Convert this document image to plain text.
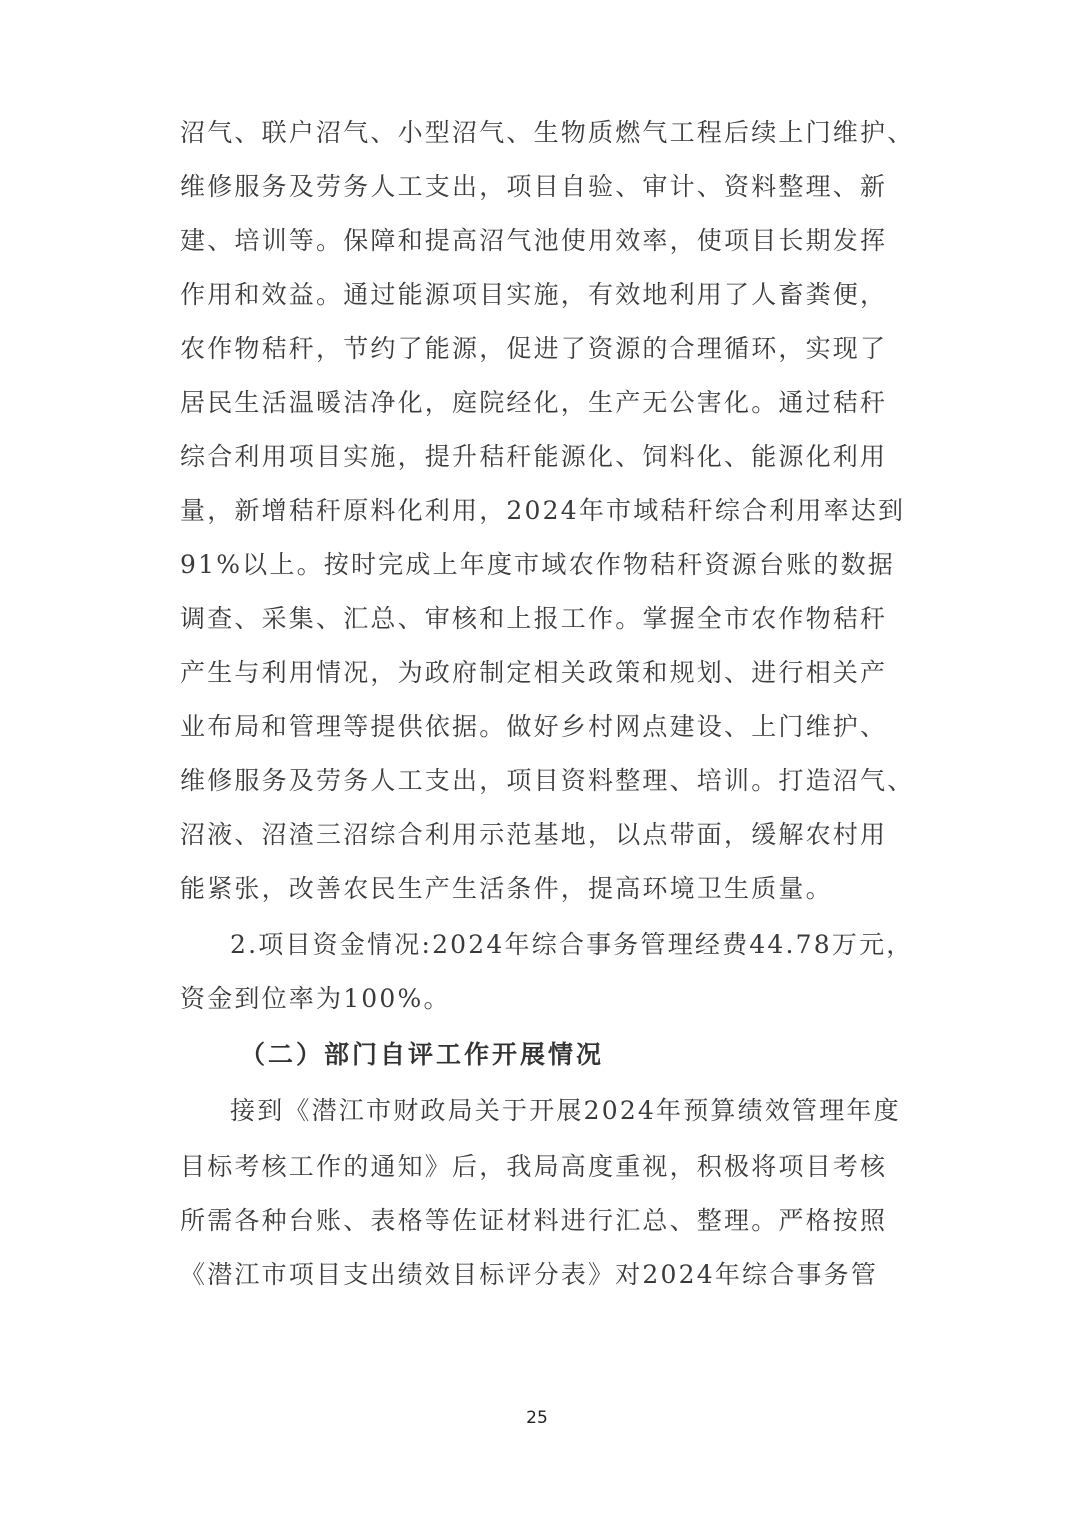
沼气、联户沼气、小型沼气、生物质燃气工程后续上门维护、
维修服务及劳务人工支出，项目自验、审计、资料整理、新
建、培训等。保障和提高沼气池使用效率，使项目长期发挥
作用和效益。通过能源项目实施，有效地利用了人畜粪便，
农作物秸秆，节约了能源，促进了资源的合理循环，实现了
居民生活温暖洁净化，庭院经化，生产无公害化。通过秸秆
综合利用项目实施，提升秸秆能源化、饲料化、能源化利用
量，新增秸秆原料化利用，2024年市域秸秆综合利用率达到
91%以上。按时完成上年度市域农作物秸秆资源台账的数据
调查、采集、汇总、审核和上报工作。掌握全市农作物秸秆
产生与利用情况，为政府制定相关政策和规划、进行相关产
业布局和管理等提供依据。做好乡村网点建设、上门维护、
维修服务及劳务人工支出，项目资料整理、培训。打造沼气、
沼液、沼渣三沼综合利用示范基地，以点带面，缓解农村用
能紧张，改善农民生产生活条件，提高环境卫生质量。
2.项目资金情况:2024年综合事务管理经费44.78万元，
资金到位率为100%。
（二）部门自评工作开展情况
接到《潜江市财政局关于开展2024年预算绩效管理年度
目标考核工作的通知》后，我局高度重视，积极将项目考核
所需各种台账、表格等佐证材料进行汇总、整理。严格按照
《潜江市项目支出绩效目标评分表》对2024年综合事务管
25
